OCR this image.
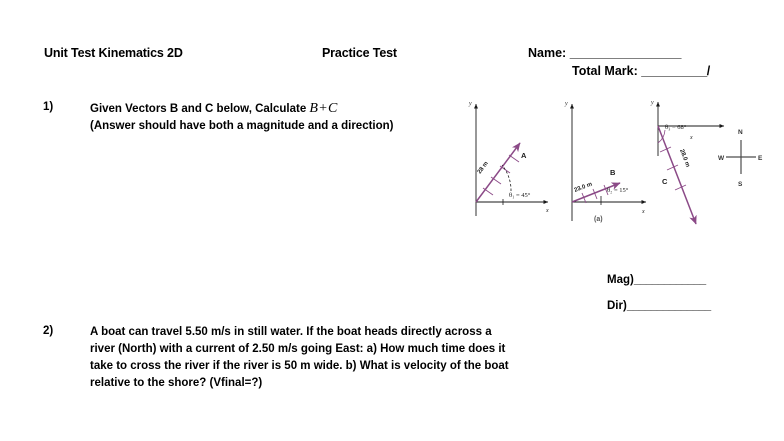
Unit Test Kinematics 2D	Practice Test	Name: _________________
Total Mark: __________/
1)	Given Vectors B and C below, Calculate B+C
(Answer should have both a magnitude and a direction)
y
x
28 m
A
θ₁ = 45°
y
x
23.0 m
B
θ₂ = 15°
y
x
28.0 m
C
θ₃ = 68°
N
S
E
W
(a)
Mag)____________
Dir)______________
2)	A boat can travel 5.50 m/s in still water. If the boat heads directly across a river (North) with a current of 2.50 m/s going East: a) How much time does it take to cross the river if the river is 50 m wide. b) What is velocity of the boat relative to the shore? (Vfinal=?)
